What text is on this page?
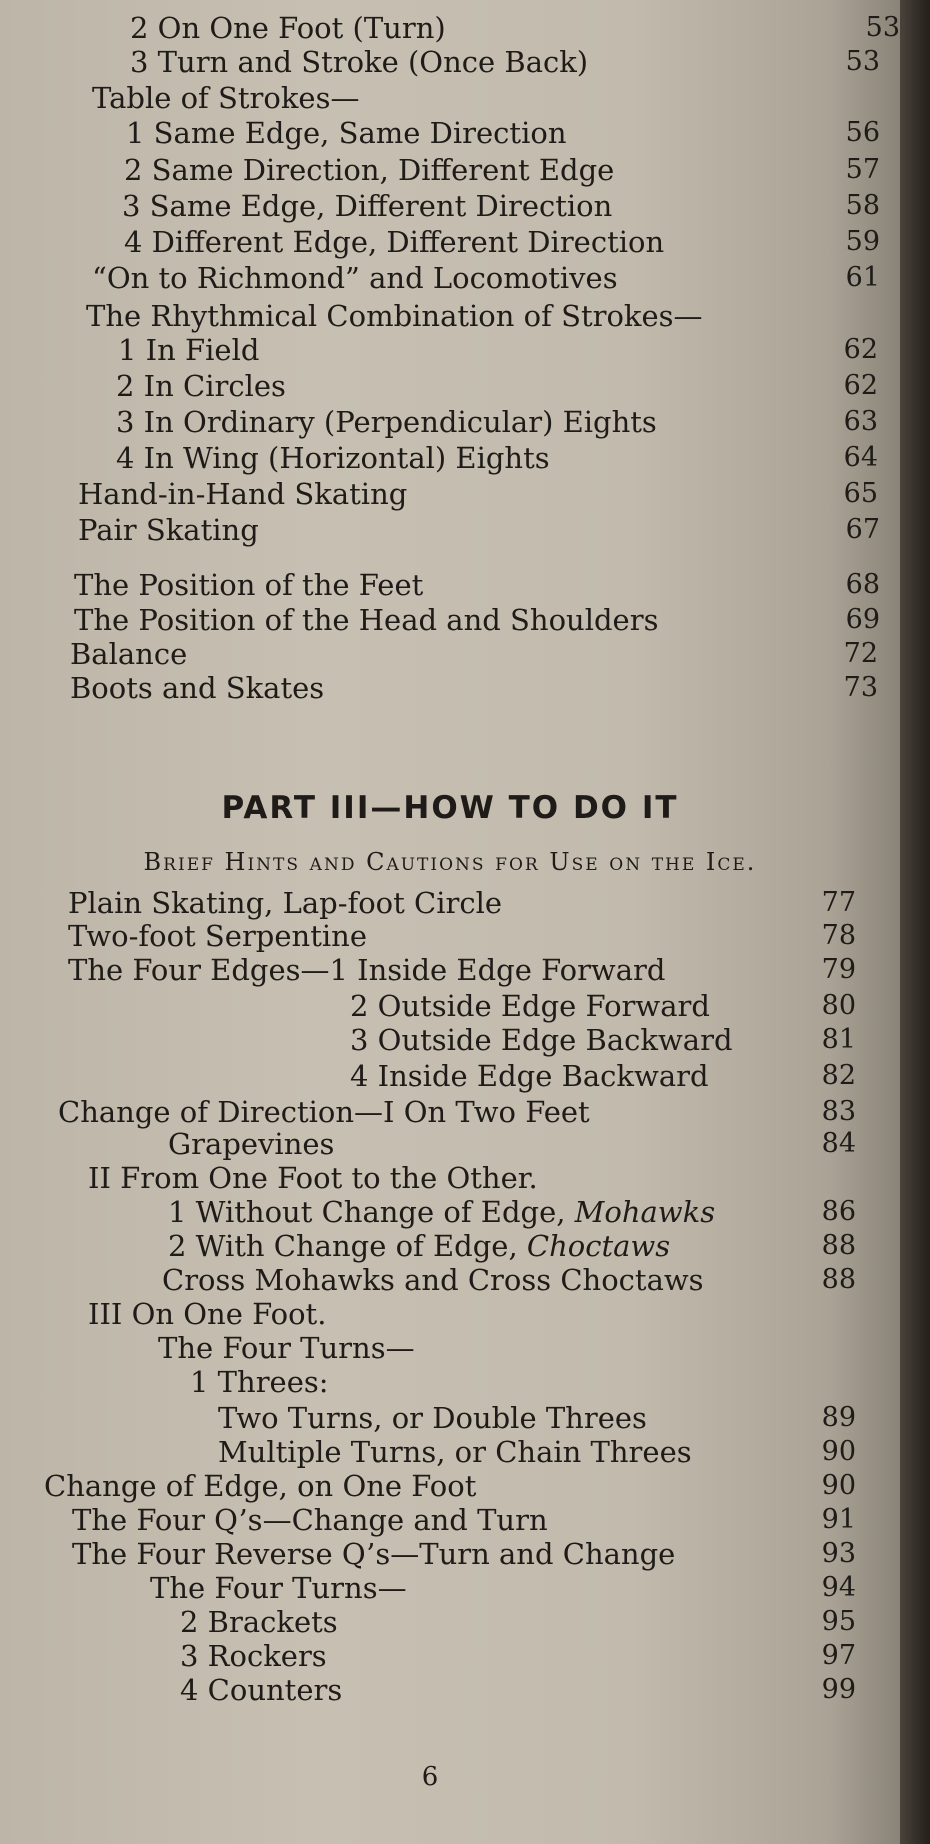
2 On One Foot (Turn)	53
3 Turn and Stroke (Once Back)	53
Table of Strokes—
1 Same Edge, Same Direction	56
2 Same Direction, Different Edge	57
3 Same Edge, Different Direction	58
4 Different Edge, Different Direction	59
“On to Richmond” and Locomotives	61
The Rhythmical Combination of Strokes—
1 In Field	62
2 In Circles	62
3 In Ordinary (Perpendicular) Eights	63
4 In Wing (Horizontal) Eights	64
Hand-in-Hand Skating	65
Pair Skating	67
The Position of the Feet	68
The Position of the Head and Shoulders	69
Balance	72
Boots and Skates	73
Plain Skating, Lap-foot Circle	77
Two-foot Serpentine	78
The Four Edges—1 Inside Edge Forward	79
2 Outside Edge Forward	80
3 Outside Edge Backward	81
4 Inside Edge Backward	82
Change of Direction—I On Two Feet	83
Grapevines	84
II From One Foot to the Other.
1 Without Change of Edge, Mohawks	86
2 With Change of Edge, Choctaws	88
Cross Mohawks and Cross Choctaws	88
III On One Foot.
The Four Turns—
1 Threes:
Two Turns, or Double Threes	89
Multiple Turns, or Chain Threes	90
Change of Edge, on One Foot	90
The Four Q’s—Change and Turn	91
The Four Reverse Q’s—Turn and Change	93
The Four Turns—	94
2 Brackets	95
3 Rockers	97
4 Counters	99
PART III—HOW TO DO IT
Brief Hints and Cautions for Use on the Ice.
6
